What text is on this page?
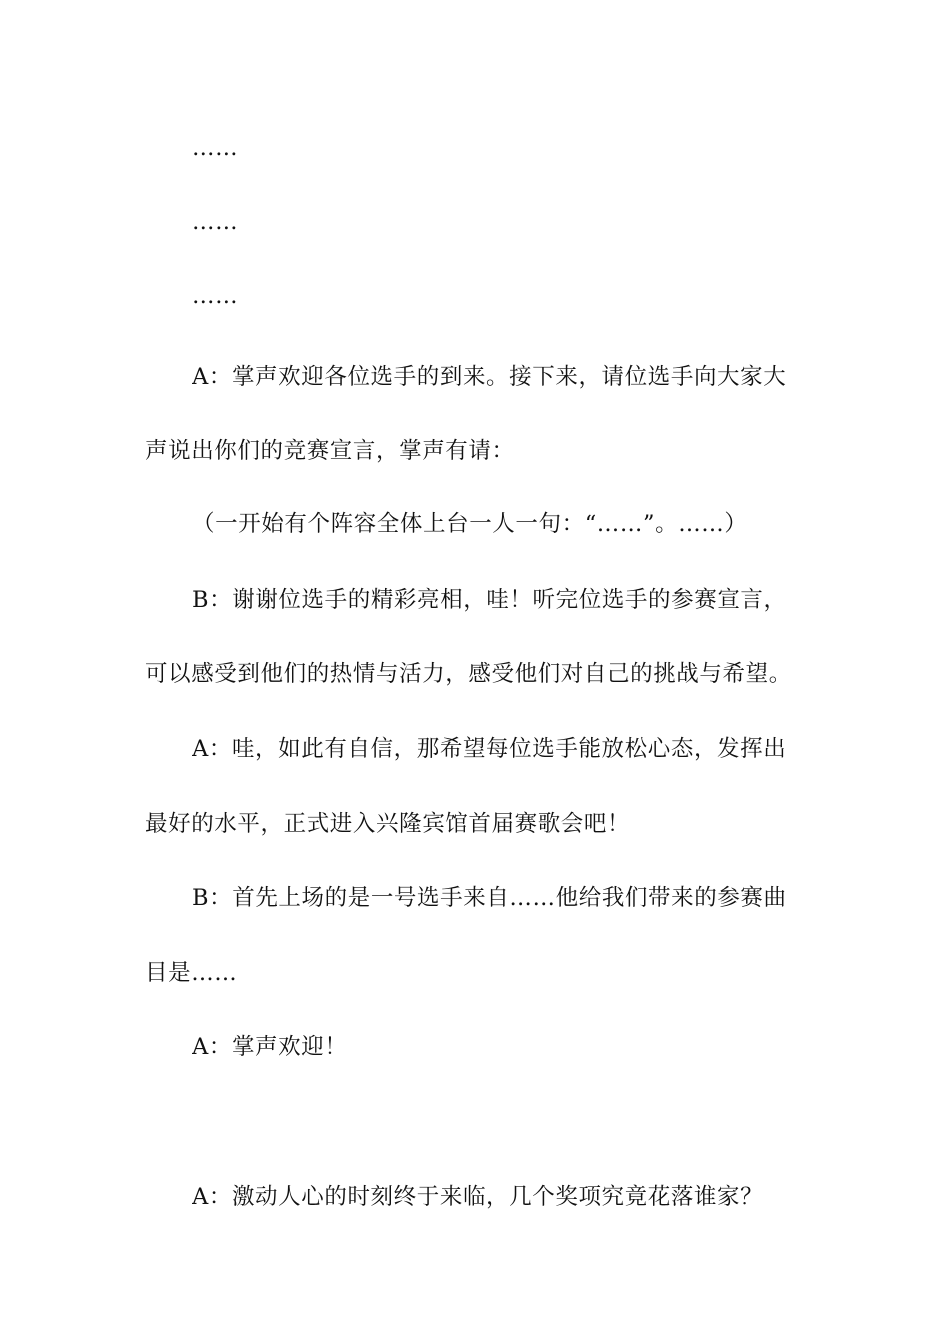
……
……
……
A：掌声欢迎各位选手的到来。接下来，请位选手向大家大
声说出你们的竞赛宣言，掌声有请：
（一开始有个阵容全体上台一人一句：“……”。……）
B：谢谢位选手的精彩亮相，哇！听完位选手的参赛宣言，
可以感受到他们的热情与活力，感受他们对自己的挑战与希望。
A：哇，如此有自信，那希望每位选手能放松心态，发挥出
最好的水平，正式进入兴隆宾馆首届赛歌会吧！
B：首先上场的是一号选手来自……他给我们带来的参赛曲
目是……
A：掌声欢迎！
A：激动人心的时刻终于来临，几个奖项究竟花落谁家？
